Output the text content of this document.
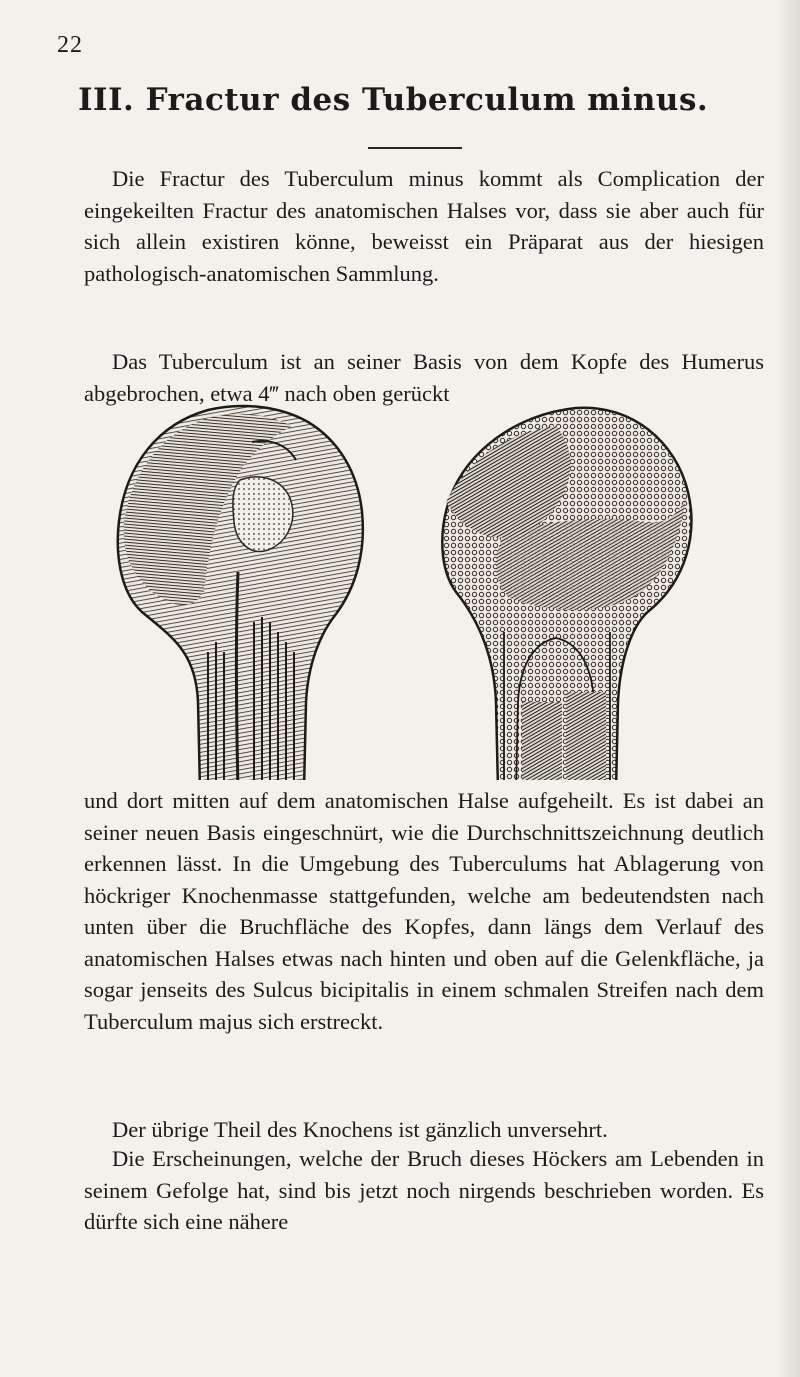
22
III. Fractur des Tuberculum minus.
Die Fractur des Tuberculum minus kommt als Complication der eingekeilten Fractur des anatomischen Halses vor, dass sie aber auch für sich allein existiren könne, beweisst ein Präparat aus der hiesigen pathologisch-anatomischen Sammlung.
Das Tuberculum ist an seiner Basis von dem Kopfe des Humerus abgebrochen, etwa 4‴ nach oben gerückt
und dort mitten auf dem anatomischen Halse aufgeheilt. Es ist dabei an seiner neuen Basis eingeschnürt, wie die Durchschnittszeichnung deutlich erkennen lässt. In die Umgebung des Tuberculums hat Ablagerung von höckriger Knochenmasse stattgefunden, welche am bedeutendsten nach unten über die Bruchfläche des Kopfes, dann längs dem Verlauf des anatomischen Halses etwas nach hinten und oben auf die Gelenkfläche, ja sogar jenseits des Sulcus bicipitalis in einem schmalen Streifen nach dem Tuberculum majus sich erstreckt.
Der übrige Theil des Knochens ist gänzlich unversehrt.
Die Erscheinungen, welche der Bruch dieses Höckers am Lebenden in seinem Gefolge hat, sind bis jetzt noch nirgends beschrieben worden. Es dürfte sich eine nähere
